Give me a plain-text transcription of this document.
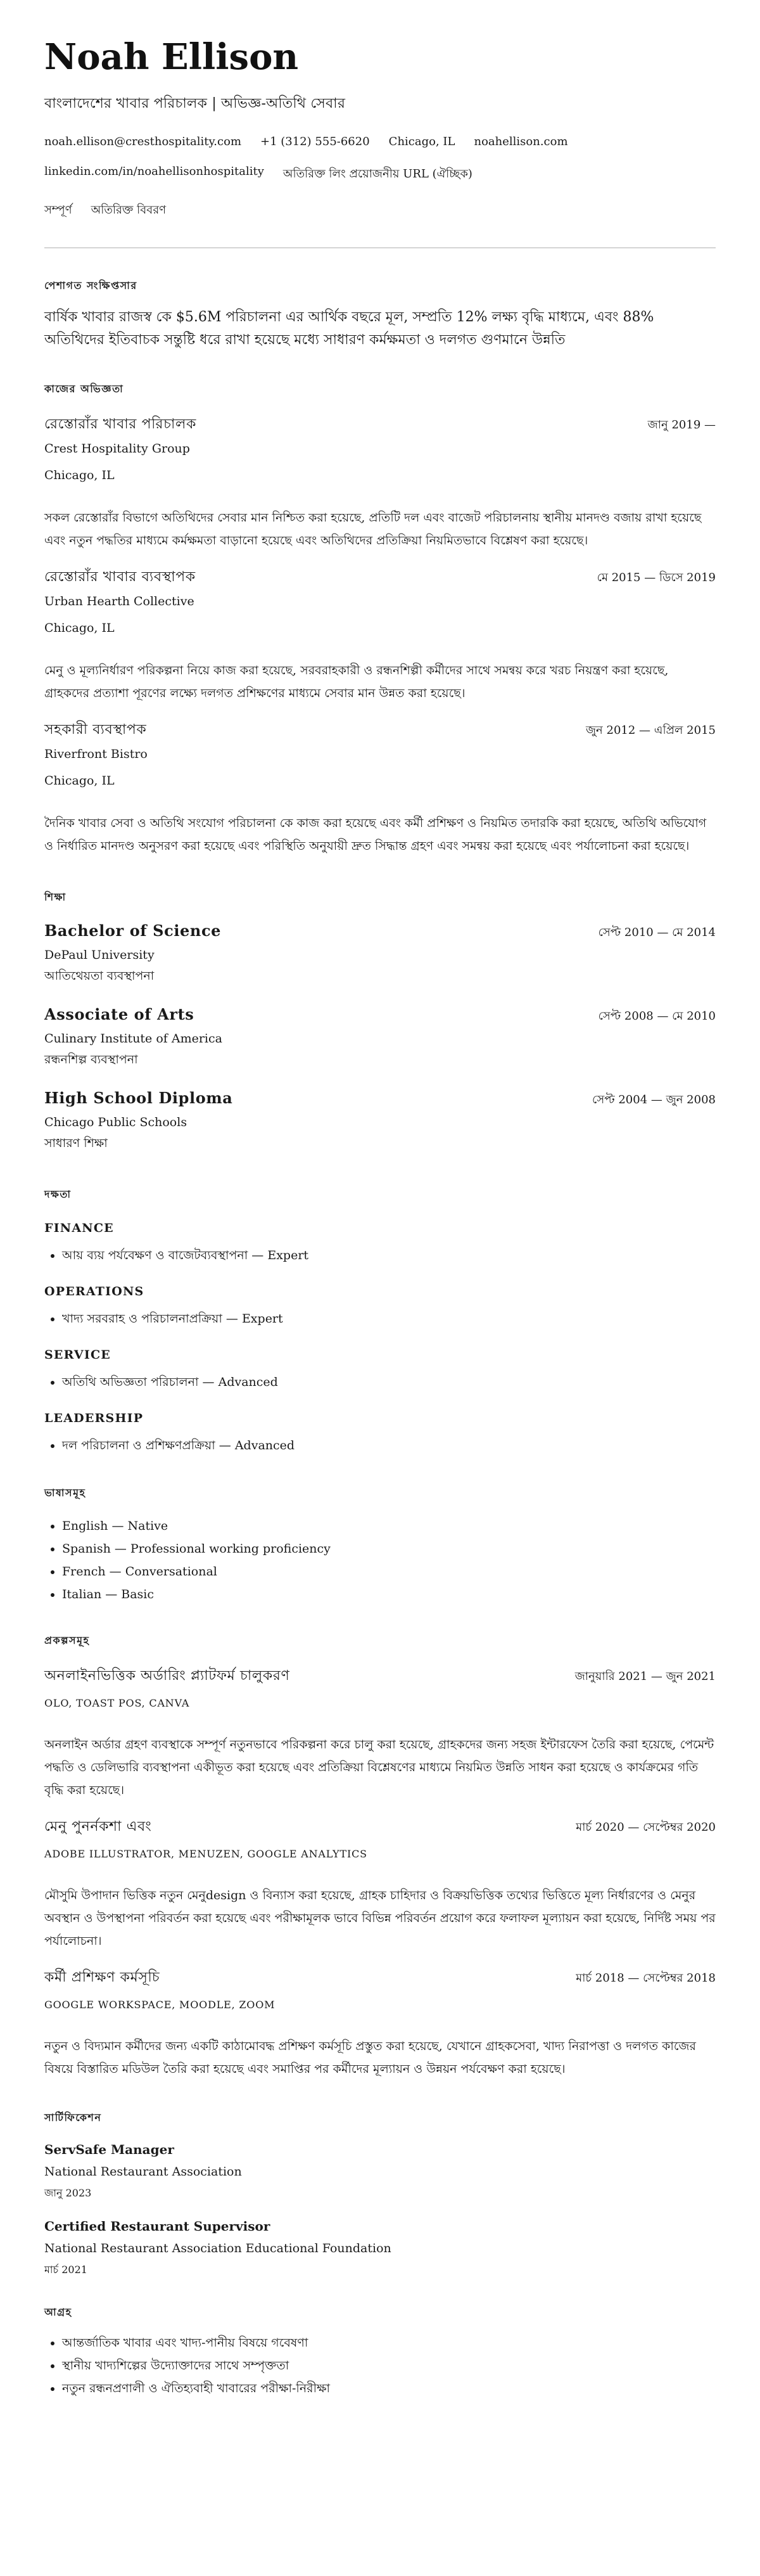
Noah Ellison
বাংলাদেশের খাবার পরিচালক | অভিজ্ঞ-অতিথি সেবার
noah.ellison@cresthospitality.com +1 (312) 555-6620 Chicago, IL noahellison.com
linkedin.com/in/noahellisonhospitality অতিরিক্ত লিং প্রয়োজনীয় URL (ঐচ্ছিক)
সম্পূর্ণ অতিরিক্ত বিবরণ
পেশাগত সংক্ষিপ্তসার
বার্ষিক খাবার রাজস্ব কে $5.6M পরিচালনা এর আর্থিক বছরে মূল, সম্প্রতি 12% লক্ষ্য বৃদ্ধি মাধ্যমে, এবং 88% অতিথিদের ইতিবাচক সন্তুষ্টি ধরে রাখা হয়েছে মধ্যে সাধারণ কর্মক্ষমতা ও দলগত গুণমানে উন্নতি
কাজের অভিজ্ঞতা
রেস্তোরাঁর খাবার পরিচালক	জানু 2019 —
Crest Hospitality Group
Chicago, IL
সকল রেস্তোরাঁর বিভাগে অতিথিদের সেবার মান নিশ্চিত করা হয়েছে, প্রতিটি দল এবং বাজেট পরিচালনায় স্থানীয় মানদণ্ড বজায় রাখা হয়েছে এবং নতুন পদ্ধতির মাধ্যমে কর্মক্ষমতা বাড়ানো হয়েছে এবং অতিথিদের প্রতিক্রিয়া নিয়মিতভাবে বিশ্লেষণ করা হয়েছে।
রেস্তোরাঁর খাবার ব্যবস্থাপক	মে 2015 — ডিসে 2019
Urban Hearth Collective
Chicago, IL
মেনু ও মূল্যনির্ধারণ পরিকল্পনা নিয়ে কাজ করা হয়েছে, সরবরাহকারী ও রন্ধনশিল্পী কর্মীদের সাথে সমন্বয় করে খরচ নিয়ন্ত্রণ করা হয়েছে, গ্রাহকদের প্রত্যাশা পূরণের লক্ষ্যে দলগত প্রশিক্ষণের মাধ্যমে সেবার মান উন্নত করা হয়েছে।
সহকারী ব্যবস্থাপক	জুন 2012 — এপ্রিল 2015
Riverfront Bistro
Chicago, IL
দৈনিক খাবার সেবা ও অতিথি সংযোগ পরিচালনা কে কাজ করা হয়েছে এবং কর্মী প্রশিক্ষণ ও নিয়মিত তদারকি করা হয়েছে, অতিথি অভিযোগ ও নির্ধারিত মানদণ্ড অনুসরণ করা হয়েছে এবং পরিস্থিতি অনুযায়ী দ্রুত সিদ্ধান্ত গ্রহণ এবং সমন্বয় করা হয়েছে এবং পর্যালোচনা করা হয়েছে।
শিক্ষা
Bachelor of Science	সেপ্ট 2010 — মে 2014
DePaul University
আতিথেয়তা ব্যবস্থাপনা
Associate of Arts	সেপ্ট 2008 — মে 2010
Culinary Institute of America
রন্ধনশিল্প ব্যবস্থাপনা
High School Diploma	সেপ্ট 2004 — জুন 2008
Chicago Public Schools
সাধারণ শিক্ষা
দক্ষতা
FINANCE
• আয় ব্যয় পর্যবেক্ষণ ও বাজেটব্যবস্থাপনা — Expert
OPERATIONS
• খাদ্য সরবরাহ ও পরিচালনাপ্রক্রিয়া — Expert
SERVICE
• অতিথি অভিজ্ঞতা পরিচালনা — Advanced
LEADERSHIP
• দল পরিচালনা ও প্রশিক্ষণপ্রক্রিয়া — Advanced
ভাষাসমূহ
• English — Native
• Spanish — Professional working proficiency
• French — Conversational
• Italian — Basic
প্রকল্পসমূহ
অনলাইনভিত্তিক অর্ডারিং প্ল্যাটফর্ম চালুকরণ	জানুয়ারি 2021 — জুন 2021
OLO, TOAST POS, CANVA
অনলাইন অর্ডার গ্রহণ ব্যবস্থাকে সম্পূর্ণ নতুনভাবে পরিকল্পনা করে চালু করা হয়েছে, গ্রাহকদের জন্য সহজ ইন্টারফেস তৈরি করা হয়েছে, পেমেন্ট পদ্ধতি ও ডেলিভারি ব্যবস্থাপনা একীভূত করা হয়েছে এবং প্রতিক্রিয়া বিশ্লেষণের মাধ্যমে নিয়মিত উন্নতি সাধন করা হয়েছে ও কার্যক্রমের গতি বৃদ্ধি করা হয়েছে।
মেনু পুনর্নকশা এবং	মার্চ 2020 — সেপ্টেম্বর 2020
ADOBE ILLUSTRATOR, MENUZEN, GOOGLE ANALYTICS
মৌসুমি উপাদান ভিত্তিক নতুন মেনুdesign ও বিন্যাস করা হয়েছে, গ্রাহক চাহিদার ও বিক্রয়ভিত্তিক তথ্যের ভিত্তিতে মূল্য নির্ধারণের ও মেনুর অবস্থান ও উপস্থাপনা পরিবর্তন করা হয়েছে এবং পরীক্ষামূলক ভাবে বিভিন্ন পরিবর্তন প্রয়োগ করে ফলাফল মূল্যায়ন করা হয়েছে, নির্দিষ্ট সময় পর পর্যালোচনা।
কর্মী প্রশিক্ষণ কর্মসূচি	মার্চ 2018 — সেপ্টেম্বর 2018
GOOGLE WORKSPACE, MOODLE, ZOOM
নতুন ও বিদ্যমান কর্মীদের জন্য একটি কাঠামোবদ্ধ প্রশিক্ষণ কর্মসূচি প্রস্তুত করা হয়েছে, যেখানে গ্রাহকসেবা, খাদ্য নিরাপত্তা ও দলগত কাজের বিষয়ে বিস্তারিত মডিউল তৈরি করা হয়েছে এবং সমাপ্তির পর কর্মীদের মূল্যায়ন ও উন্নয়ন পর্যবেক্ষণ করা হয়েছে।
সার্টিফিকেশন
ServSafe Manager
National Restaurant Association
জানু 2023
Certified Restaurant Supervisor
National Restaurant Association Educational Foundation
মার্চ 2021
আগ্রহ
• আন্তর্জাতিক খাবার এবং খাদ্য-পানীয় বিষয়ে গবেষণা
• স্থানীয় খাদ্যশিল্পের উদ্যোক্তাদের সাথে সম্পৃক্ততা
• নতুন রন্ধনপ্রণালী ও ঐতিহ্যবাহী খাবারের পরীক্ষা-নিরীক্ষা
